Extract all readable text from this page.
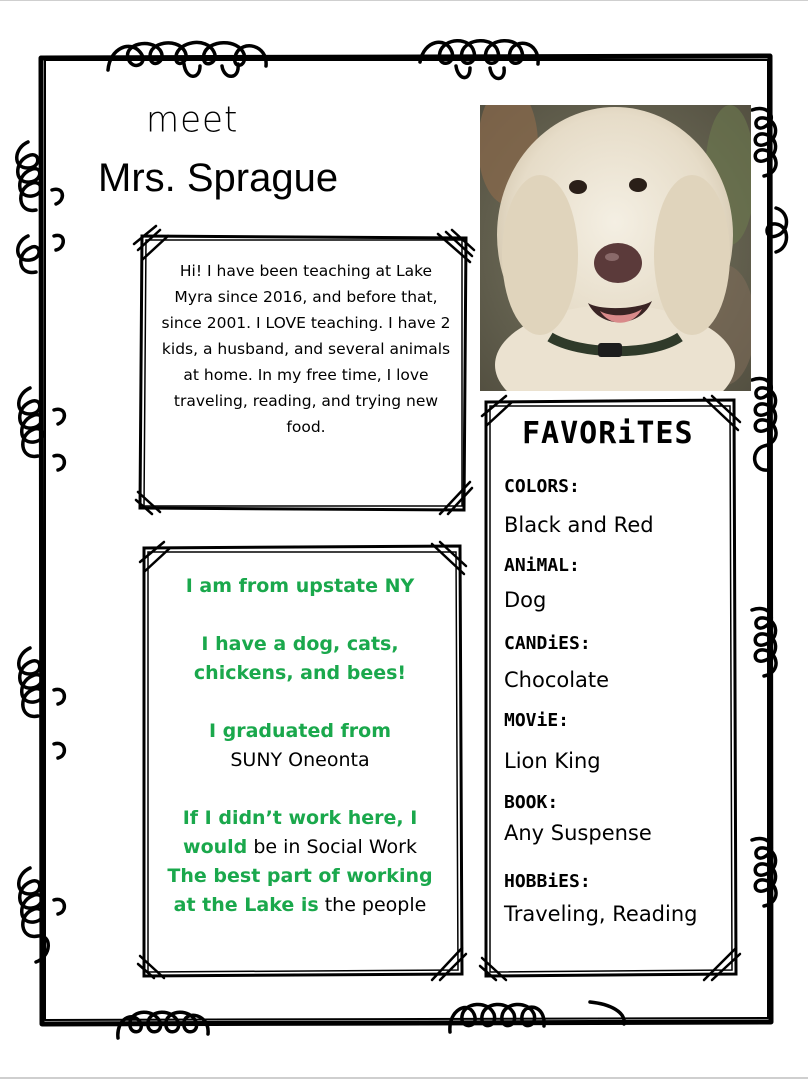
meet
Mrs. Sprague
Hi! I have been teaching at Lake Myra since 2016, and before that, since 2001. I LOVE teaching. I have 2 kids, a husband, and several animals at home. In my free time, I love traveling, reading, and trying new food.

I am from upstate NY

I have a dog, cats, chickens, and bees!

I graduated from
SUNY Oneonta

If I didn’t work here, I would be in Social Work

The best part of working at the Lake is the people

FAVORiTES
COLORS:
Black and Red
ANiMAL:
Dog
CANDiES:
Chocolate
MOViE:
Lion King
BOOK:
Any Suspense
HOBBiES:
Traveling, Reading
